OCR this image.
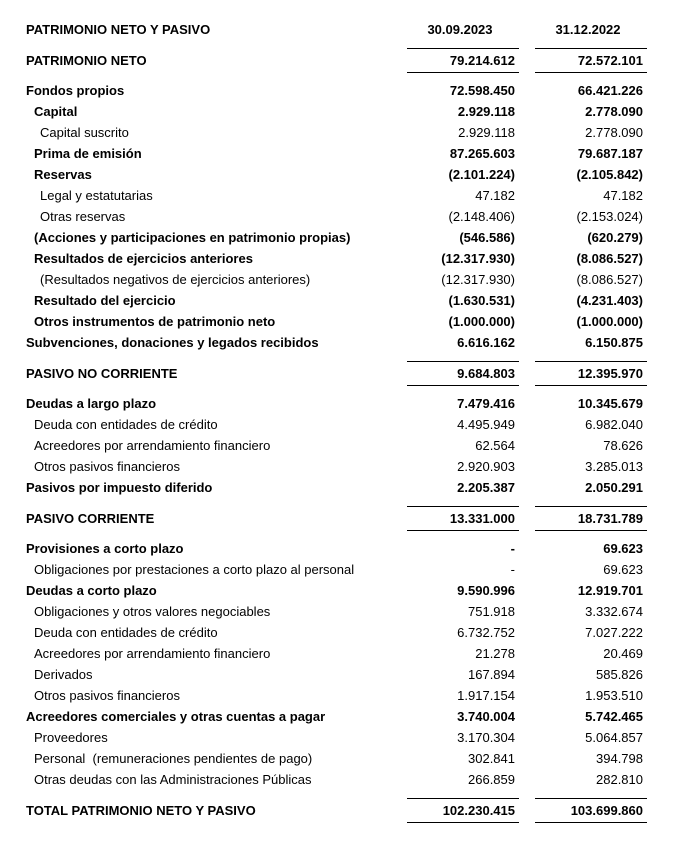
PATRIMONIO NETO Y PASIVO	30.09.2023	31.12.2022
PATRIMONIO NETO	79.214.612	72.572.101
Fondos propios	72.598.450	66.421.226
Capital	2.929.118	2.778.090
Capital suscrito	2.929.118	2.778.090
Prima de emisión	87.265.603	79.687.187
Reservas	(2.101.224)	(2.105.842)
Legal y estatutarias	47.182	47.182
Otras reservas	(2.148.406)	(2.153.024)
(Acciones y participaciones en patrimonio propias)	(546.586)	(620.279)
Resultados de ejercicios anteriores	(12.317.930)	(8.086.527)
(Resultados negativos de ejercicios anteriores)	(12.317.930)	(8.086.527)
Resultado del ejercicio	(1.630.531)	(4.231.403)
Otros instrumentos de patrimonio neto	(1.000.000)	(1.000.000)
Subvenciones, donaciones y legados recibidos	6.616.162	6.150.875
PASIVO NO CORRIENTE	9.684.803	12.395.970
Deudas a largo plazo	7.479.416	10.345.679
Deuda con entidades de crédito	4.495.949	6.982.040
Acreedores por arrendamiento financiero	62.564	78.626
Otros pasivos financieros	2.920.903	3.285.013
Pasivos por impuesto diferido	2.205.387	2.050.291
PASIVO CORRIENTE	13.331.000	18.731.789
Provisiones a corto plazo	-	69.623
Obligaciones por prestaciones a corto plazo al personal	-	69.623
Deudas a corto plazo	9.590.996	12.919.701
Obligaciones y otros valores negociables	751.918	3.332.674
Deuda con entidades de crédito	6.732.752	7.027.222
Acreedores por arrendamiento financiero	21.278	20.469
Derivados	167.894	585.826
Otros pasivos financieros	1.917.154	1.953.510
Acreedores comerciales y otras cuentas a pagar	3.740.004	5.742.465
Proveedores	3.170.304	5.064.857
Personal  (remuneraciones pendientes de pago)	302.841	394.798
Otras deudas con las Administraciones Públicas	266.859	282.810
TOTAL PATRIMONIO NETO Y PASIVO	102.230.415	103.699.860
